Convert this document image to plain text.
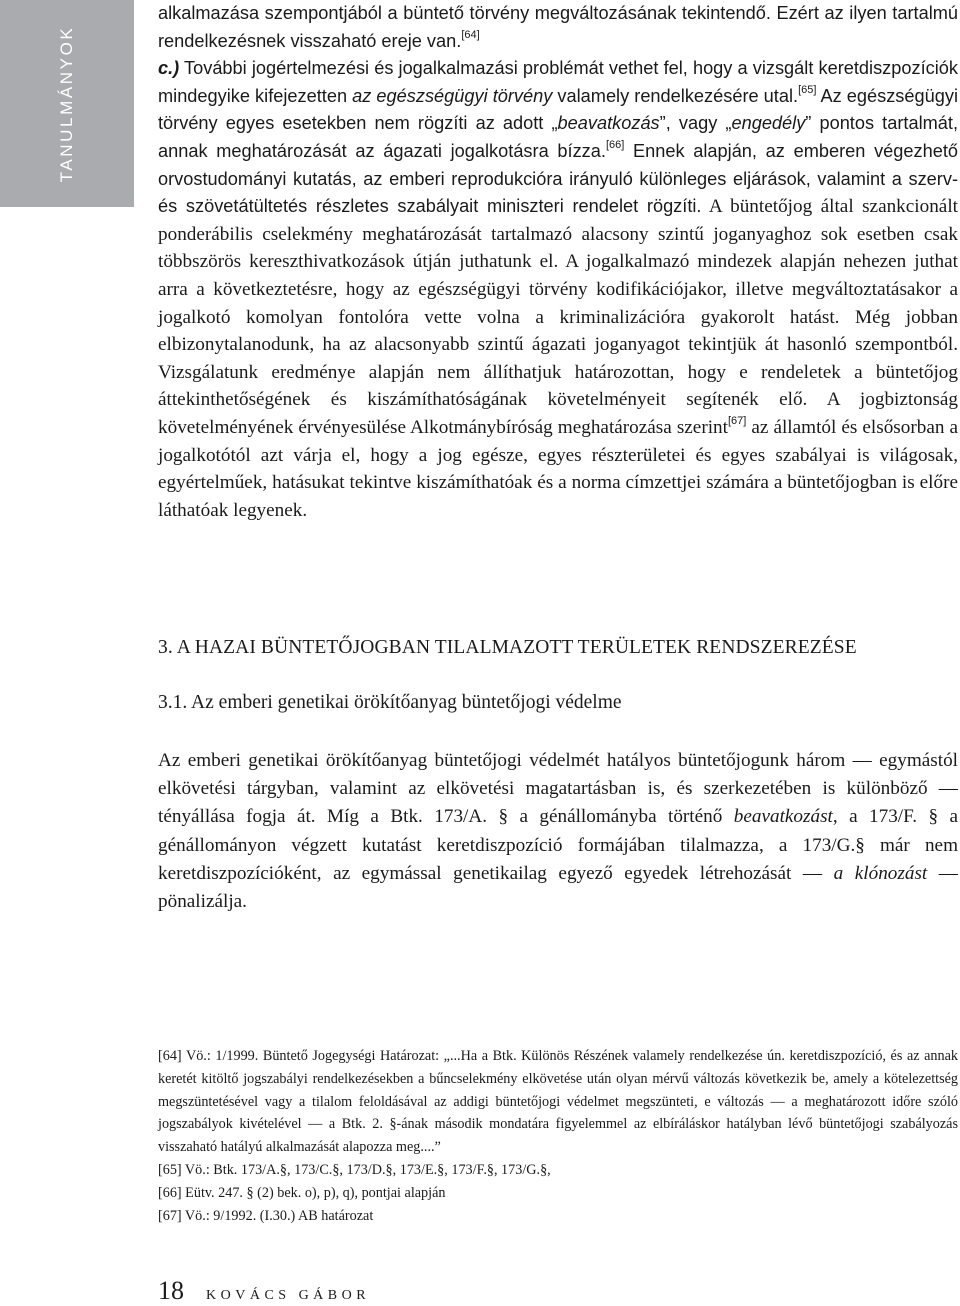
TANULMÁNYOK

alkalmazása szempontjából a büntető törvény megváltozásának tekintendő. Ezért az ilyen tartalmú rendelkezésnek visszaható ereje van.[64]
c.) További jogértelmezési és jogalkalmazási problémát vethet fel, hogy a vizsgált keretdiszpozíciók mindegyike kifejezetten az egészségügyi törvény valamely rendelkezésére utal.[65] Az egészségügyi törvény egyes esetekben nem rögzíti az adott „beavatkozás”, vagy „engedély” pontos tartalmát, annak meghatározását az ágazati jogalkotásra bízza.[66] Ennek alapján, az emberen végezhető orvostudományi kutatás, az emberi reprodukcióra irányuló különleges eljárások, valamint a szerv- és szövetátültetés részletes szabályait miniszteri rendelet rögzíti. A büntetőjog által szankcionált ponderábilis cselekmény meghatározását tartalmazó alacsony szintű joganyaghoz sok esetben csak többszörös kereszthivatkozások útján juthatunk el. A jogalkalmazó mindezek alapján nehezen juthat arra a következtetésre, hogy az egészségügyi törvény kodifikációjakor, illetve megváltoztatásakor a jogalkotó komolyan fontolóra vette volna a kriminalizációra gyakorolt hatást. Még jobban elbizonytalanodunk, ha az alacsonyabb szintű ágazati joganyagot tekintjük át hasonló szempontból. Vizsgálatunk eredménye alapján nem állíthatjuk határozottan, hogy e rendeletek a büntetőjog áttekinthetőségének és kiszámíthatóságának követelményeit segítenék elő. A jogbiztonság követelményének érvényesülése Alkotmánybíróság meghatározása szerint[67] az államtól és elsősorban a jogalkotótól azt várja el, hogy a jog egésze, egyes részterületei és egyes szabályai is világosak, egyértelműek, hatásukat tekintve kiszámíthatóak és a norma címzettjei számára a büntetőjogban is előre láthatóak legyenek.

3. A HAZAI BÜNTETŐJOGBAN TILALMAZOTT TERÜLETEK RENDSZEREZÉSE
3.1. Az emberi genetikai örökítőanyag büntetőjogi védelme

Az emberi genetikai örökítőanyag büntetőjogi védelmét hatályos büntetőjogunk három — egymástól elkövetési tárgyban, valamint az elkövetési magatartásban is, és szerkezetében is különböző — tényállása fogja át. Míg a Btk. 173/A. § a génállományba történő beavatkozást, a 173/F. § a génállományon végzett kutatást keretdiszpozíció formájában tilalmazza, a 173/G.§ már nem keretdiszpozícióként, az egymással genetikailag egyező egyedek létrehozását — a klónozást — pönalizálja.

[64] Vö.: 1/1999. Büntető Jogegységi Határozat: „...Ha a Btk. Különös Részének valamely rendelkezése ún. keretdiszpozíció, és az annak keretét kitöltő jogszabályi rendelkezésekben a bűncselekmény elkövetése után olyan mérvű változás következik be, amely a kötelezettség megszüntetésével vagy a tilalom feloldásával az addigi büntetőjogi védelmet megszünteti, e változás — a meghatározott időre szóló jogszabályok kivételével — a Btk. 2. §-ának második mondatára figyelemmel az elbíráláskor hatályban lévő büntetőjogi szabályozás visszaható hatályú alkalmazását alapozza meg....”

[65] Vö.: Btk. 173/A.§, 173/C.§, 173/D.§, 173/E.§, 173/F.§, 173/G.§,

[66] Eütv. 247. § (2) bek. o), p), q), pontjai alapján

[67] Vö.: 9/1992. (I.30.) AB határozat

18 KOVÁCS GÁBOR
